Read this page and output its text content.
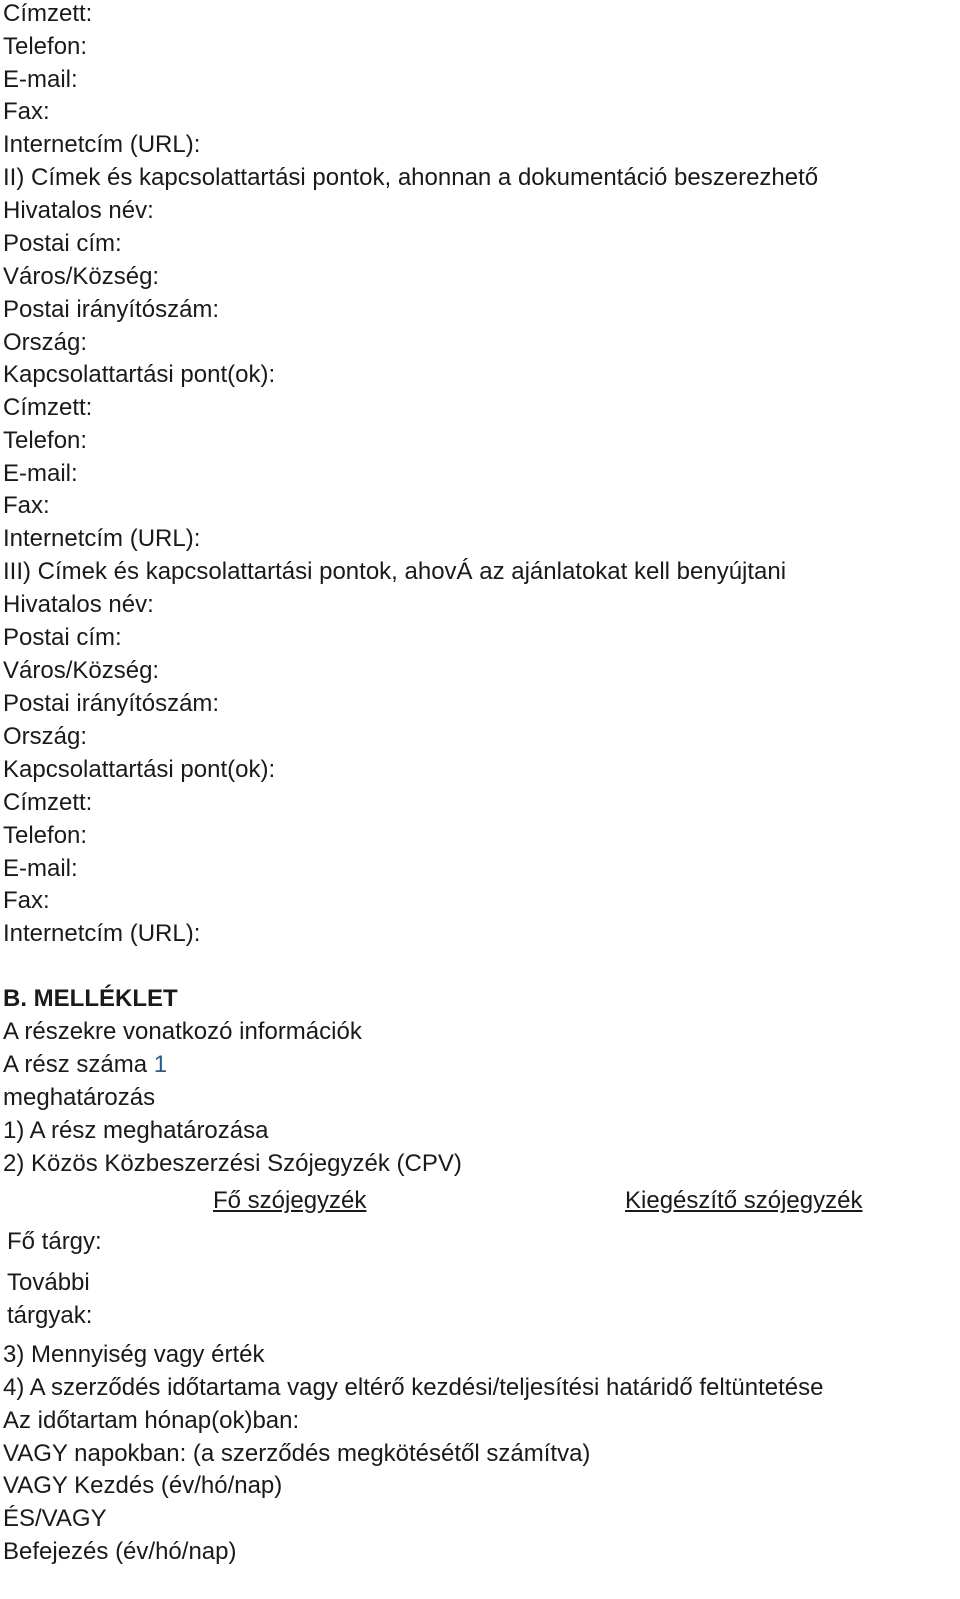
Címzett:
Telefon:
E-mail:
Fax:
Internetcím (URL):
II) Címek és kapcsolattartási pontok, ahonnan a dokumentáció beszerezhető
Hivatalos név:
Postai cím:
Város/Község:
Postai irányítószám:
Ország:
Kapcsolattartási pont(ok):
Címzett:
Telefon:
E-mail:
Fax:
Internetcím (URL):
III) Címek és kapcsolattartási pontok, ahovÁ az ajánlatokat kell benyújtani
Hivatalos név:
Postai cím:
Város/Község:
Postai irányítószám:
Ország:
Kapcsolattartási pont(ok):
Címzett:
Telefon:
E-mail:
Fax:
Internetcím (URL):
B. MELLÉKLET
A részekre vonatkozó információk
A rész száma 1
meghatározás
1) A rész meghatározása
2) Közös Közbeszerzési Szójegyzék (CPV)
Fő szójegyzék	Kiegészítő szójegyzék
Fő tárgy:
További
tárgyak:
3) Mennyiség vagy érték
4) A szerződés időtartama vagy eltérő kezdési/teljesítési határidő feltüntetése
Az időtartam hónap(ok)ban:
VAGY napokban: (a szerződés megkötésétől számítva)
VAGY Kezdés (év/hó/nap)
ÉS/VAGY
Befejezés (év/hó/nap)
